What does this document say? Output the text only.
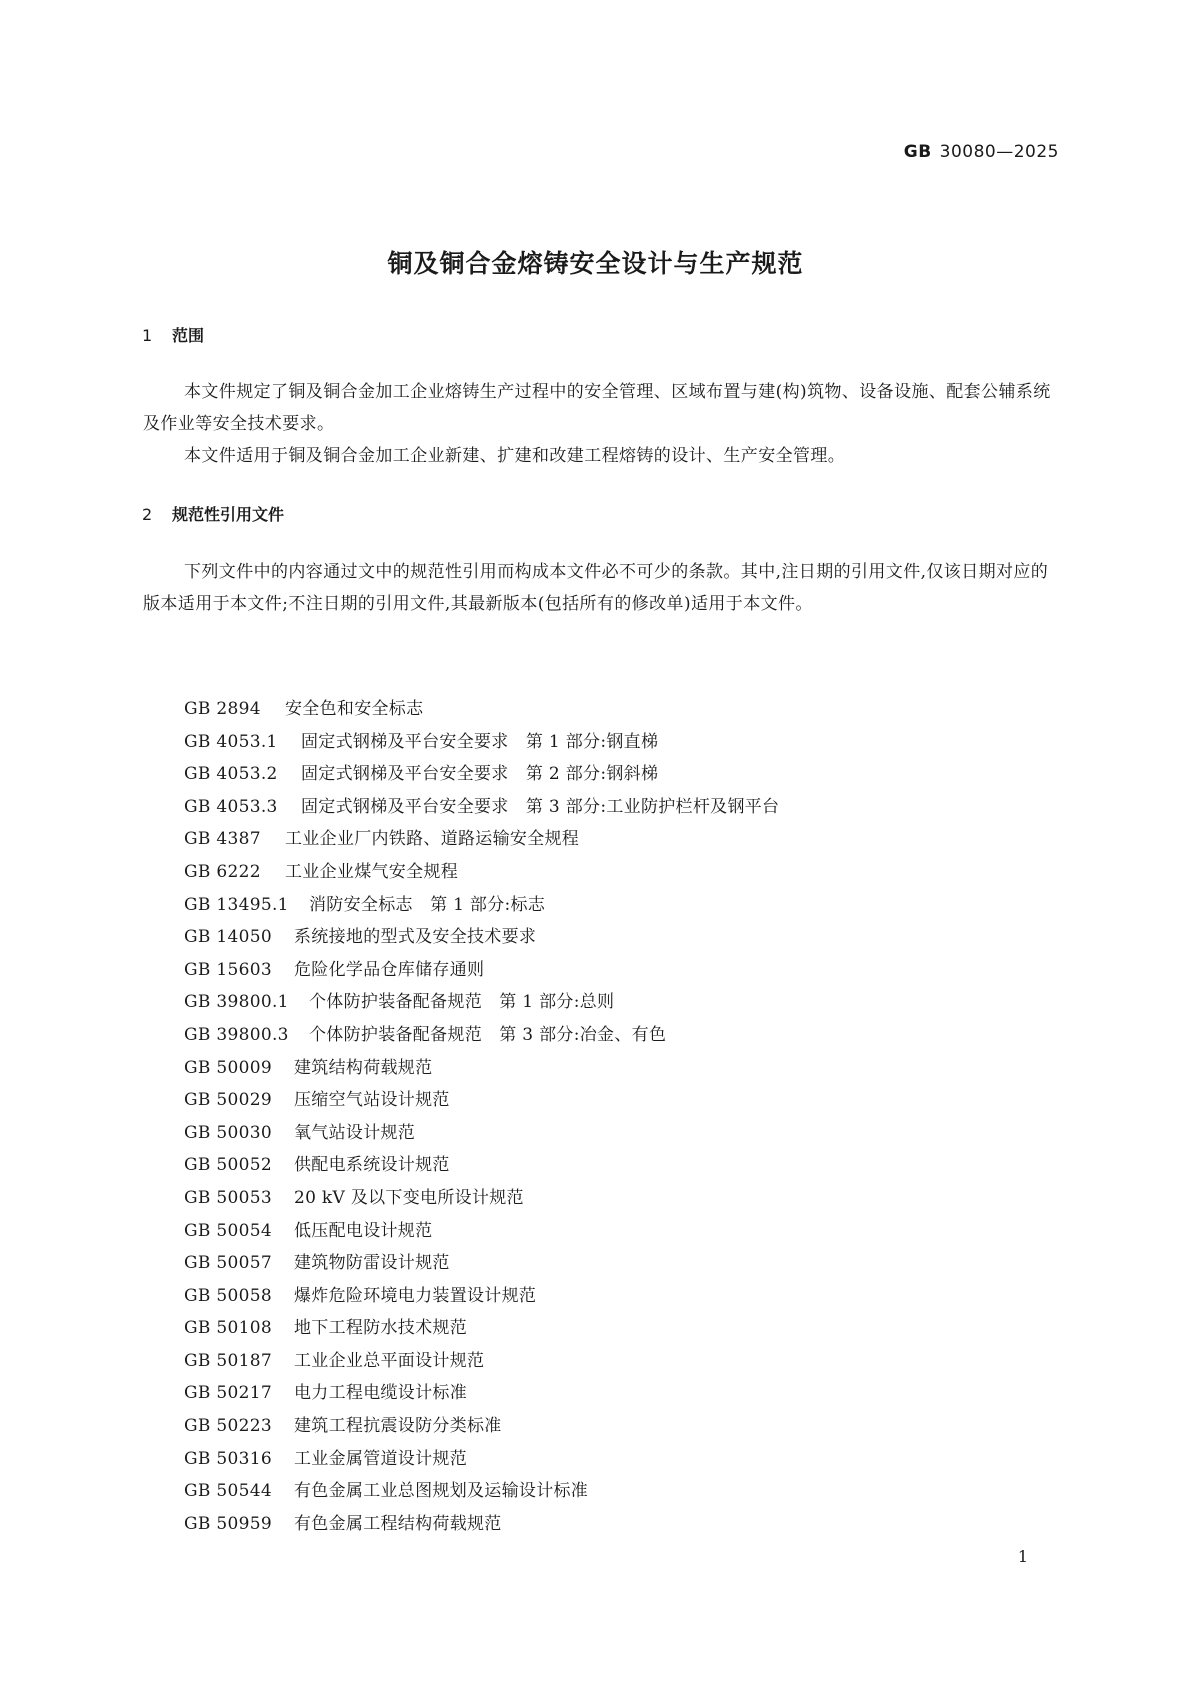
GB 30080—2025
铜及铜合金熔铸安全设计与生产规范
1 范围

本文件规定了铜及铜合金加工企业熔铸生产过程中的安全管理、区域布置与建(构)筑物、设备设施、配套公辅系统及作业等安全技术要求。

本文件适用于铜及铜合金加工企业新建、扩建和改建工程熔铸的设计、生产安全管理。

2 规范性引用文件

下列文件中的内容通过文中的规范性引用而构成本文件必不可少的条款。其中,注日期的引用文件,仅该日期对应的版本适用于本文件;不注日期的引用文件,其最新版本(包括所有的修改单)适用于本文件。

GB 2894 安全色和安全标志
GB 4053.1 固定式钢梯及平台安全要求　第 1 部分:钢直梯
GB 4053.2 固定式钢梯及平台安全要求　第 2 部分:钢斜梯
GB 4053.3 固定式钢梯及平台安全要求　第 3 部分:工业防护栏杆及钢平台
GB 4387 工业企业厂内铁路、道路运输安全规程
GB 6222 工业企业煤气安全规程
GB 13495.1 消防安全标志　第 1 部分:标志
GB 14050 系统接地的型式及安全技术要求
GB 15603 危险化学品仓库储存通则
GB 39800.1 个体防护装备配备规范　第 1 部分:总则
GB 39800.3 个体防护装备配备规范　第 3 部分:冶金、有色
GB 50009 建筑结构荷载规范
GB 50029 压缩空气站设计规范
GB 50030 氧气站设计规范
GB 50052 供配电系统设计规范
GB 50053 20 kV 及以下变电所设计规范
GB 50054 低压配电设计规范
GB 50057 建筑物防雷设计规范
GB 50058 爆炸危险环境电力装置设计规范
GB 50108 地下工程防水技术规范
GB 50187 工业企业总平面设计规范
GB 50217 电力工程电缆设计标准
GB 50223 建筑工程抗震设防分类标准
GB 50316 工业金属管道设计规范
GB 50544 有色金属工业总图规划及运输设计标准
GB 50959 有色金属工程结构荷载规范
1
